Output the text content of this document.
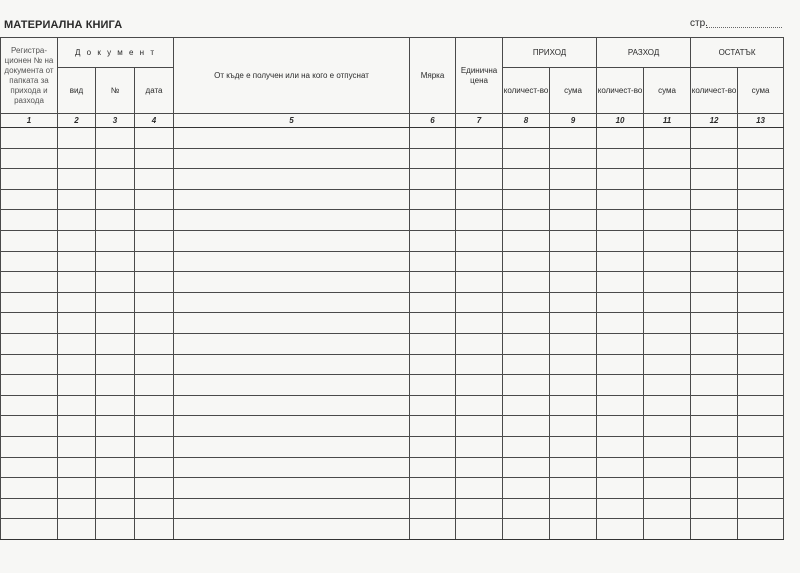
МАТЕРИАЛНА КНИГА	стр.
Регистра-ционен № на документа от папката за прихода и разхода	Д о к у м е н т			От къде е получен или на кого е отпуснат	Мярка	Единична цена	ПРИХОД		РАЗХОД		ОСТАТЪК	
	вид	№	дата				количест-во	сума	количест-во	сума	количест-во	сума
1	2	3	4	5	6	7	8	9	10	11	12	13
